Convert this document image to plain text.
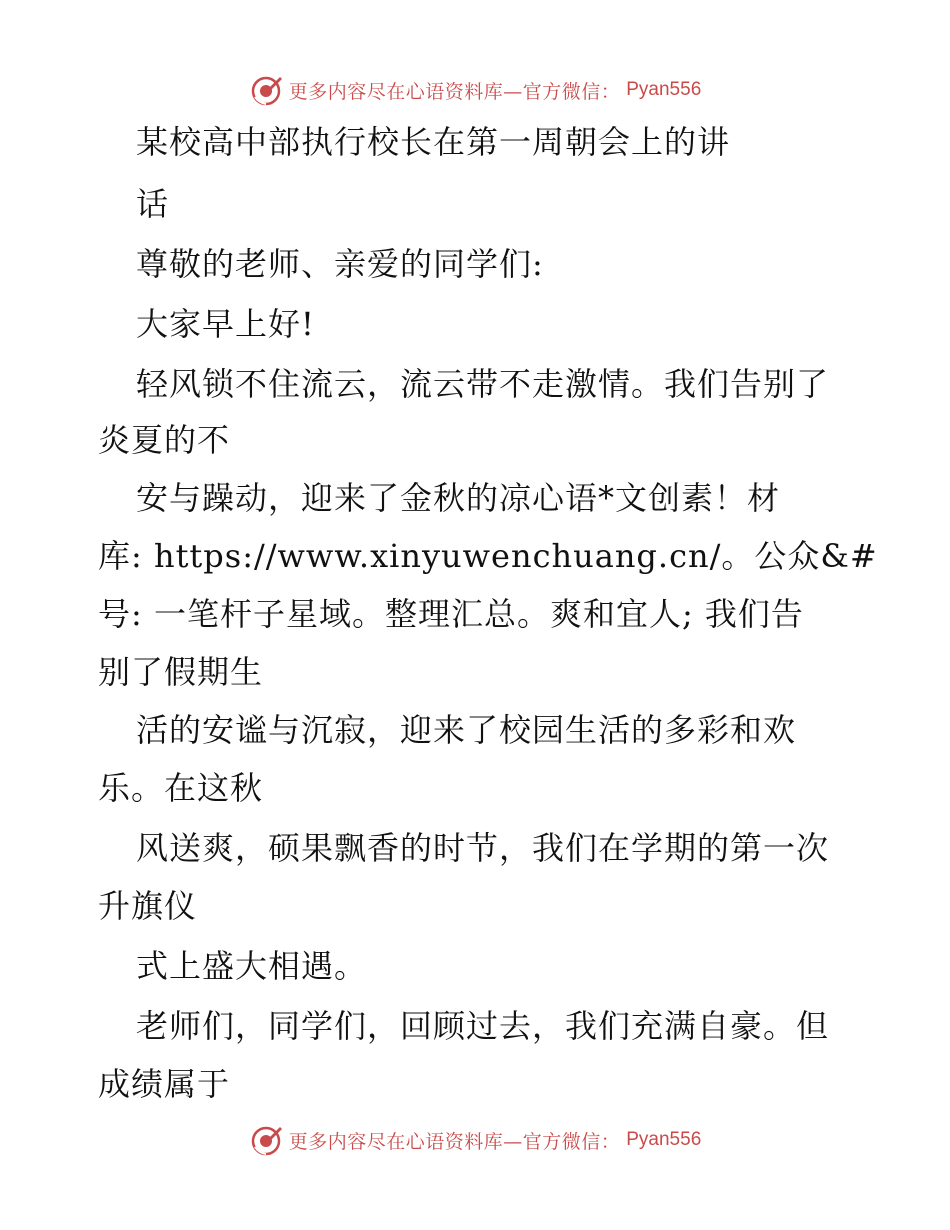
更多内容尽在心语资料库—官方微信： Pyan556
某校高中部执行校长在第一周朝会上的讲
话
尊敬的老师、亲爱的同学们:
大家早上好!
轻风锁不住流云，流云带不走激情。我们告别了
炎夏的不
安与躁动，迎来了金秋的凉心语*文创素！材
库: https://www.xinyuwenchuang.cn/。公众&#
号: 一笔杆子星域。整理汇总。爽和宜人; 我们告
别了假期生
活的安谧与沉寂，迎来了校园生活的多彩和欢
乐。在这秋
风送爽，硕果飘香的时节，我们在学期的第一次
升旗仪
式上盛大相遇。
老师们，同学们，回顾过去，我们充满自豪。但
成绩属于
更多内容尽在心语资料库—官方微信： Pyan556
